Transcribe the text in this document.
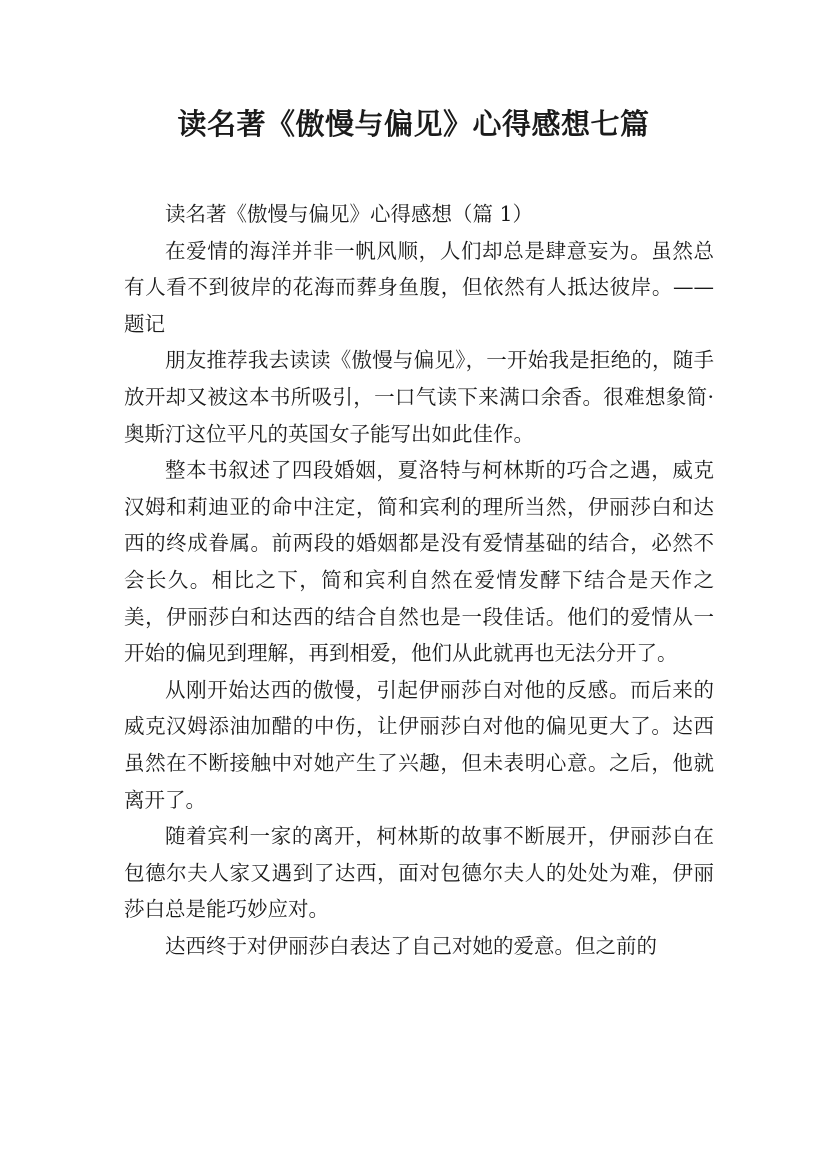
读名著《傲慢与偏见》心得感想七篇

读名著《傲慢与偏见》心得感想（篇 1）

在爱情的海洋并非一帆风顺，人们却总是肆意妄为。虽然总有人看不到彼岸的花海而葬身鱼腹，但依然有人抵达彼岸。——题记

朋友推荐我去读读《傲慢与偏见》，一开始我是拒绝的，随手放开却又被这本书所吸引，一口气读下来满口余香。很难想象简·奥斯汀这位平凡的英国女子能写出如此佳作。

整本书叙述了四段婚姻，夏洛特与柯林斯的巧合之遇，威克汉姆和莉迪亚的命中注定，简和宾利的理所当然，伊丽莎白和达西的终成眷属。前两段的婚姻都是没有爱情基础的结合，必然不会长久。相比之下，简和宾利自然在爱情发酵下结合是天作之美，伊丽莎白和达西的结合自然也是一段佳话。他们的爱情从一开始的偏见到理解，再到相爱，他们从此就再也无法分开了。

从刚开始达西的傲慢，引起伊丽莎白对他的反感。而后来的威克汉姆添油加醋的中伤，让伊丽莎白对他的偏见更大了。达西虽然在不断接触中对她产生了兴趣，但未表明心意。之后，他就离开了。

随着宾利一家的离开，柯林斯的故事不断展开，伊丽莎白在包德尔夫人家又遇到了达西，面对包德尔夫人的处处为难，伊丽莎白总是能巧妙应对。

达西终于对伊丽莎白表达了自己对她的爱意。但之前的
